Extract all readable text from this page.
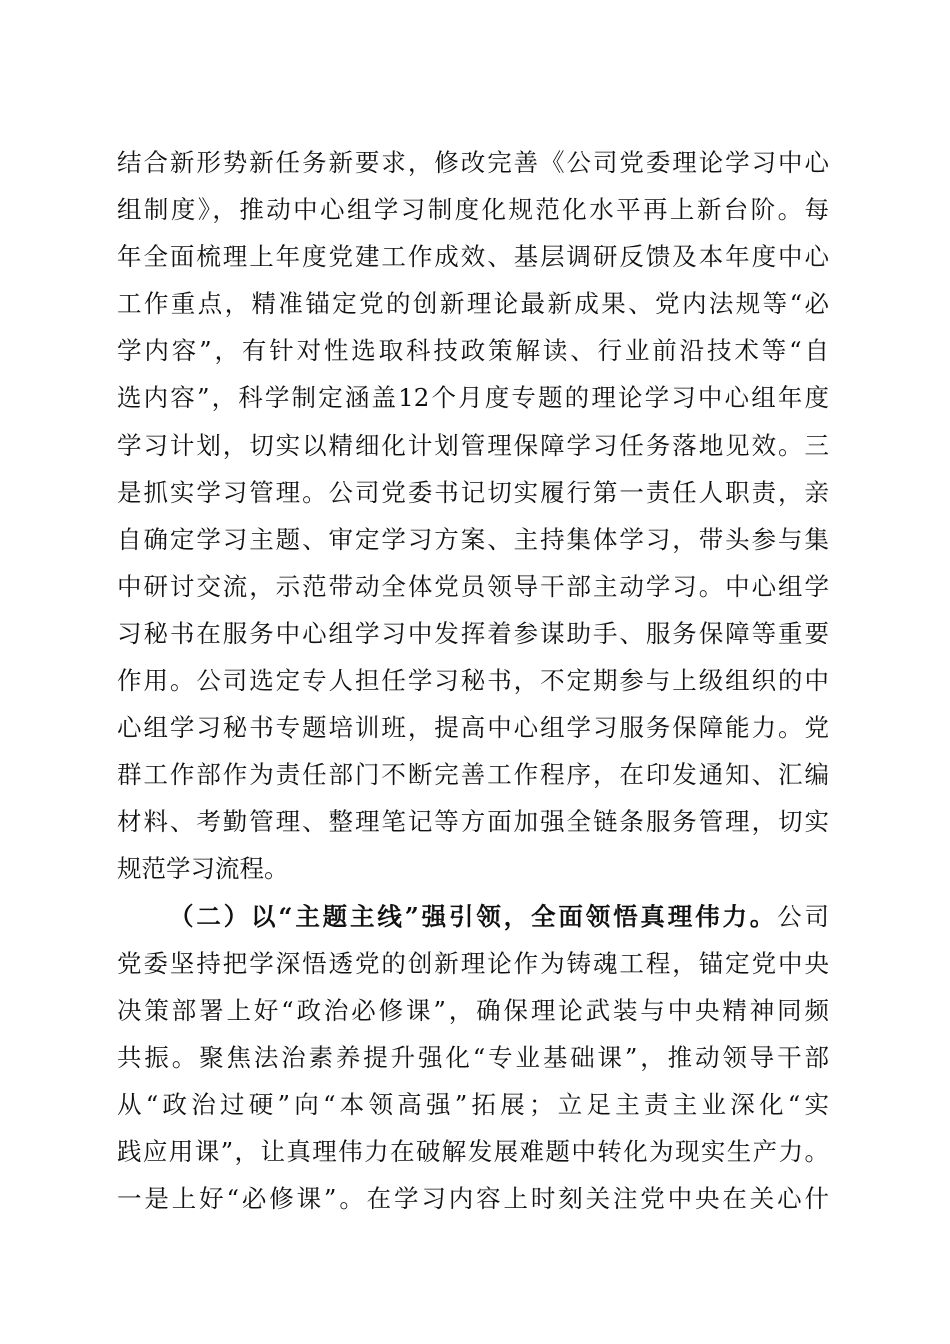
结合新形势新任务新要求，修改完善《公司党委理论学习中心
组制度》，推动中心组学习制度化规范化水平再上新台阶。每
年全面梳理上年度党建工作成效、基层调研反馈及本年度中心
工作重点，精准锚定党的创新理论最新成果、党内法规等“必
学内容”，有针对性选取科技政策解读、行业前沿技术等“自
选内容”，科学制定涵盖12个月度专题的理论学习中心组年度
学习计划，切实以精细化计划管理保障学习任务落地见效。三
是抓实学习管理。公司党委书记切实履行第一责任人职责，亲
自确定学习主题、审定学习方案、主持集体学习，带头参与集
中研讨交流，示范带动全体党员领导干部主动学习。中心组学
习秘书在服务中心组学习中发挥着参谋助手、服务保障等重要
作用。公司选定专人担任学习秘书，不定期参与上级组织的中
心组学习秘书专题培训班，提高中心组学习服务保障能力。党
群工作部作为责任部门不断完善工作程序，在印发通知、汇编
材料、考勤管理、整理笔记等方面加强全链条服务管理，切实
规范学习流程。
（二）以“主题主线”强引领，全面领悟真理伟力。公司
党委坚持把学深悟透党的创新理论作为铸魂工程，锚定党中央
决策部署上好“政治必修课”，确保理论武装与中央精神同频
共振。聚焦法治素养提升强化“专业基础课”，推动领导干部
从“政治过硬”向“本领高强”拓展；立足主责主业深化“实
践应用课”，让真理伟力在破解发展难题中转化为现实生产力。
一是上好“必修课”。在学习内容上时刻关注党中央在关心什
